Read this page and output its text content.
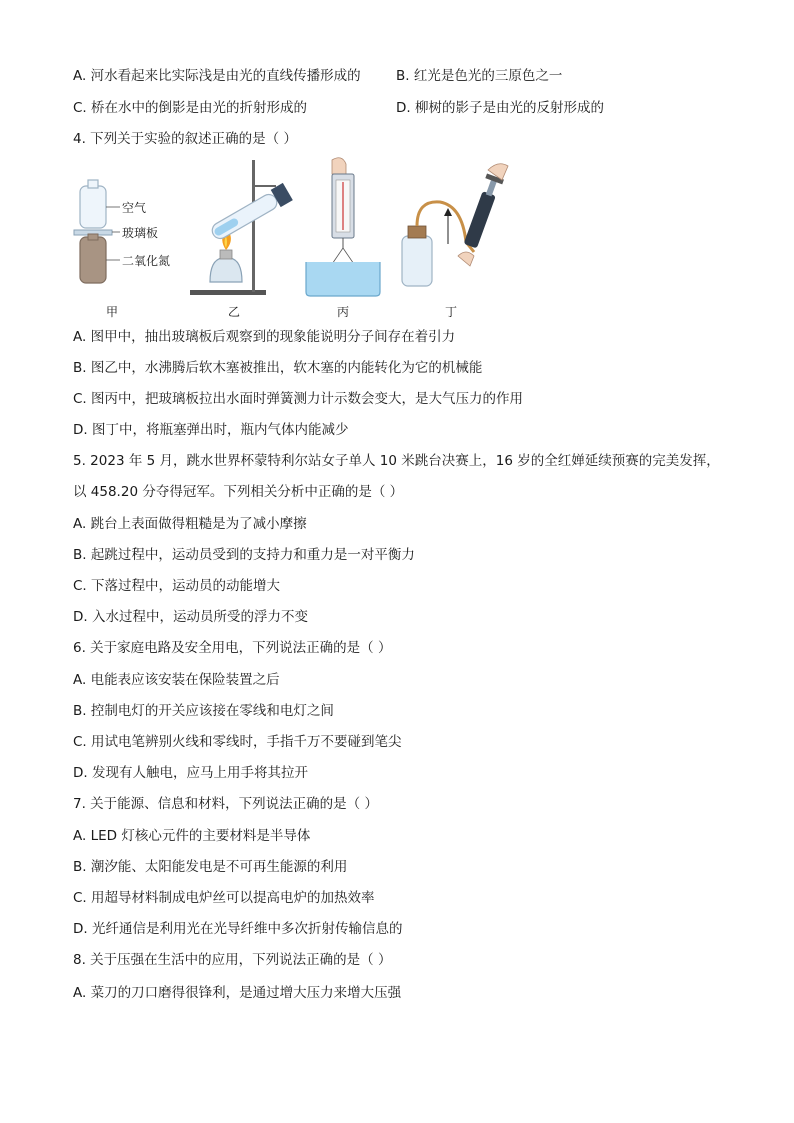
A. 河水看起来比实际浅是由光的直线传播形成的	B. 红光是色光的三原色之一
C. 桥在水中的倒影是由光的折射形成的	D. 柳树的影子是由光的反射形成的
4. 下列关于实验的叙述正确的是（ ）
空气
玻璃板
二氧化氮
甲	乙	丙	丁
A. 图甲中，抽出玻璃板后观察到的现象能说明分子间存在着引力
B. 图乙中，水沸腾后软木塞被推出，软木塞的内能转化为它的机械能
C. 图丙中，把玻璃板拉出水面时弹簧测力计示数会变大，是大气压力的作用
D. 图丁中，将瓶塞弹出时，瓶内气体内能减少
5. 2023 年 5 月，跳水世界杯蒙特利尔站女子单人 10 米跳台决赛上，16 岁的全红婵延续预赛的完美发挥，
以 458.20 分夺得冠军。下列相关分析中正确的是（ ）
A. 跳台上表面做得粗糙是为了减小摩擦
B. 起跳过程中，运动员受到的支持力和重力是一对平衡力
C. 下落过程中，运动员的动能增大
D. 入水过程中，运动员所受的浮力不变
6. 关于家庭电路及安全用电，下列说法正确的是（ ）
A. 电能表应该安装在保险装置之后
B. 控制电灯的开关应该接在零线和电灯之间
C. 用试电笔辨别火线和零线时，手指千万不要碰到笔尖
D. 发现有人触电，应马上用手将其拉开
7. 关于能源、信息和材料，下列说法正确的是（ ）
A. LED 灯核心元件的主要材料是半导体
B. 潮汐能、太阳能发电是不可再生能源的利用
C. 用超导材料制成电炉丝可以提高电炉的加热效率
D. 光纤通信是利用光在光导纤维中多次折射传输信息的
8. 关于压强在生活中的应用，下列说法正确的是（ ）
A. 菜刀的刀口磨得很锋利，是通过增大压力来增大压强
